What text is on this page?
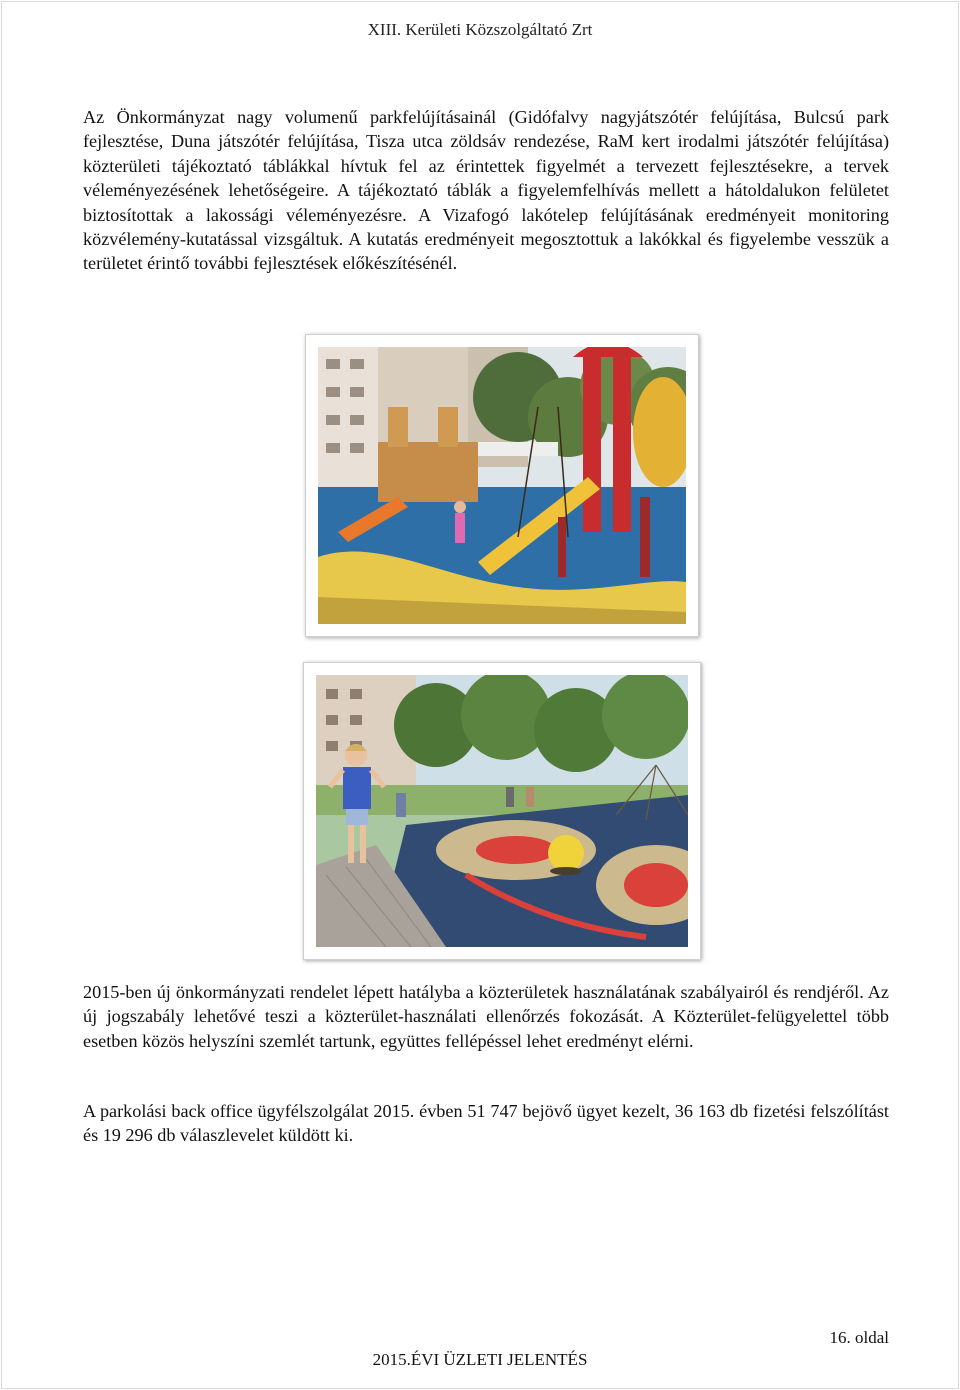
XIII. Kerületi Közszolgáltató Zrt

Az Önkormányzat nagy volumenű parkfelújításainál (Gidófalvy nagyjátszótér felújítása, Bulcsú park fejlesztése, Duna játszótér felújítása, Tisza utca zöldsáv rendezése, RaM kert irodalmi játszótér felújítása) közterületi tájékoztató táblákkal hívtuk fel az érintettek figyelmét a tervezett fejlesztésekre, a tervek véleményezésének lehetőségeire. A tájékoztató táblák a figyelemfelhívás mellett a hátoldalukon felületet biztosítottak a lakossági véleményezésre. A Vizafogó lakótelep felújításának eredményeit monitoring közvélemény-kutatással vizsgáltuk. A kutatás eredményeit megosztottuk a lakókkal és figyelembe vesszük a területet érintő további fejlesztések előkészítésénél.

2015-ben új önkormányzati rendelet lépett hatályba a közterületek használatának szabályairól és rendjéről. Az új jogszabály lehetővé teszi a közterület-használati ellenőrzés fokozását. A Közterület-felügyelettel több esetben közös helyszíni szemlét tartunk, együttes fellépéssel lehet eredményt elérni.

A parkolási back office ügyfélszolgálat 2015. évben 51 747 bejövő ügyet kezelt, 36 163 db fizetési felszólítást és 19 296 db válaszlevelet küldött ki.

16. oldal
2015.ÉVI ÜZLETI JELENTÉS
